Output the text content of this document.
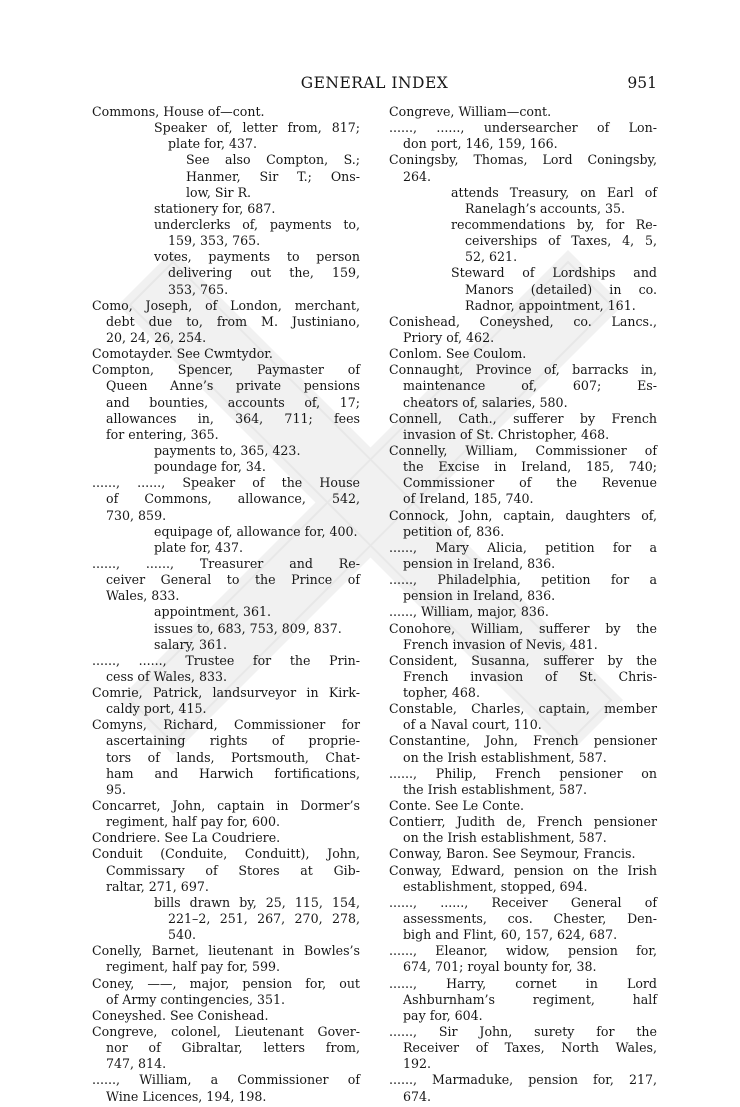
GENERAL INDEX	951
Commons, House of—cont.
Speaker of, letter from, 817;
plate for, 437.
See also Compton, S.;
Hanmer, Sir T.; Ons-
low, Sir R.
stationery for, 687.
underclerks of, payments to,
159, 353, 765.
votes, payments to person
delivering out the, 159,
353, 765.
Como, Joseph, of London, merchant,
debt due to, from M. Justiniano,
20, 24, 26, 254.
Comotayder. See Cwmtydor.
Compton, Spencer, Paymaster of
Queen Anne’s private pensions
and bounties, accounts of, 17;
allowances in, 364, 711; fees
for entering, 365.
payments to, 365, 423.
poundage for, 34.
......, ......, Speaker of the House
of Commons, allowance, 542,
730, 859.
equipage of, allowance for, 400.
plate for, 437.
......, ......, Treasurer and Re-
ceiver General to the Prince of
Wales, 833.
appointment, 361.
issues to, 683, 753, 809, 837.
salary, 361.
......, ......, Trustee for the Prin-
cess of Wales, 833.
Comrie, Patrick, landsurveyor in Kirk-
caldy port, 415.
Comyns, Richard, Commissioner for
ascertaining rights of proprie-
tors of lands, Portsmouth, Chat-
ham and Harwich fortifications,
95.
Concarret, John, captain in Dormer’s
regiment, half pay for, 600.
Condriere. See La Coudriere.
Conduit (Conduite, Conduitt), John,
Commissary of Stores at Gib-
raltar, 271, 697.
bills drawn by, 25, 115, 154,
221–2, 251, 267, 270, 278,
540.
Conelly, Barnet, lieutenant in Bowles’s
regiment, half pay for, 599.
Coney, ——, major, pension for, out
of Army contingencies, 351.
Coneyshed. See Conishead.
Congreve, colonel, Lieutenant Gover-
nor of Gibraltar, letters from,
747, 814.
......, William, a Commissioner of
Wine Licences, 194, 198.
Congreve, William—cont.
......, ......, undersearcher of Lon-
don port, 146, 159, 166.
Coningsby, Thomas, Lord Coningsby,
264.
attends Treasury, on Earl of
Ranelagh’s accounts, 35.
recommendations by, for Re-
ceiverships of Taxes, 4, 5,
52, 621.
Steward of Lordships and
Manors (detailed) in co.
Radnor, appointment, 161.
Conishead, Coneyshed, co. Lancs.,
Priory of, 462.
Conlom. See Coulom.
Connaught, Province of, barracks in,
maintenance of, 607; Es-
cheators of, salaries, 580.
Connell, Cath., sufferer by French
invasion of St. Christopher, 468.
Connelly, William, Commissioner of
the Excise in Ireland, 185, 740;
Commissioner of the Revenue
of Ireland, 185, 740.
Connock, John, captain, daughters of,
petition of, 836.
......, Mary Alicia, petition for a
pension in Ireland, 836.
......, Philadelphia, petition for a
pension in Ireland, 836.
......, William, major, 836.
Conohore, William, sufferer by the
French invasion of Nevis, 481.
Consident, Susanna, sufferer by the
French invasion of St. Chris-
topher, 468.
Constable, Charles, captain, member
of a Naval court, 110.
Constantine, John, French pensioner
on the Irish establishment, 587.
......, Philip, French pensioner on
the Irish establishment, 587.
Conte. See Le Conte.
Contierr, Judith de, French pensioner
on the Irish establishment, 587.
Conway, Baron. See Seymour, Francis.
Conway, Edward, pension on the Irish
establishment, stopped, 694.
......, ......, Receiver General of
assessments, cos. Chester, Den-
bigh and Flint, 60, 157, 624, 687.
......, Eleanor, widow, pension for,
674, 701; royal bounty for, 38.
......, Harry, cornet in Lord
Ashburnham’s regiment, half
pay for, 604.
......, Sir John, surety for the
Receiver of Taxes, North Wales,
192.
......, Marmaduke, pension for, 217,
674.
